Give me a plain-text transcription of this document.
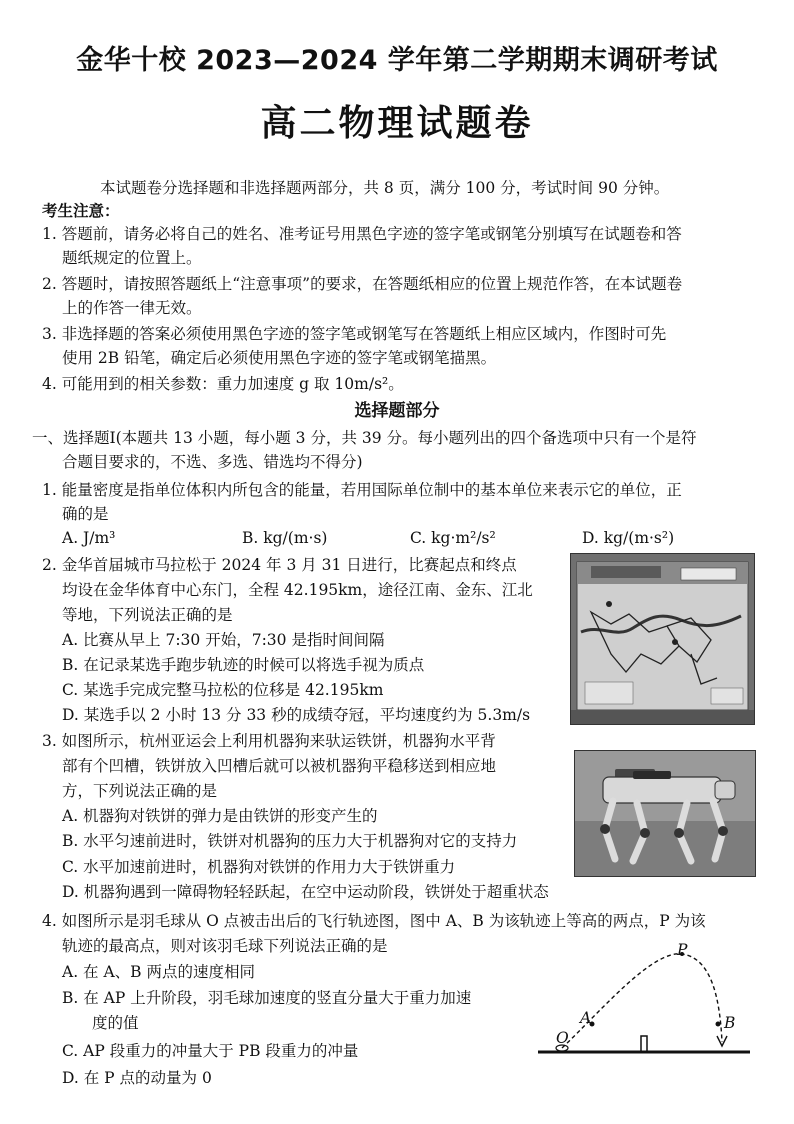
金华十校 2023—2024 学年第二学期期末调研考试
高二物理试题卷
本试题卷分选择题和非选择题两部分，共 8 页，满分 100 分，考试时间 90 分钟。
考生注意：
1. 答题前，请务必将自己的姓名、准考证号用黑色字迹的签字笔或钢笔分别填写在试题卷和答
题纸规定的位置上。
2. 答题时，请按照答题纸上“注意事项”的要求，在答题纸相应的位置上规范作答，在本试题卷
上的作答一律无效。
3. 非选择题的答案必须使用黑色字迹的签字笔或钢笔写在答题纸上相应区域内，作图时可先
使用 2B 铅笔，确定后必须使用黑色字迹的签字笔或钢笔描黑。
4. 可能用到的相关参数：重力加速度 g 取 10m/s²。
选择题部分
一、选择题Ⅰ(本题共 13 小题，每小题 3 分，共 39 分。每小题列出的四个备选项中只有一个是符
合题目要求的，不选、多选、错选均不得分)
1. 能量密度是指单位体积内所包含的能量，若用国际单位制中的基本单位来表示它的单位，正
确的是
A. J/m³	B. kg/(m·s)	C. kg·m²/s²	D. kg/(m·s²)
2. 金华首届城市马拉松于 2024 年 3 月 31 日进行，比赛起点和终点
均设在金华体育中心东门，全程 42.195km，途径江南、金东、江北
等地，下列说法正确的是
A. 比赛从早上 7:30 开始，7:30 是指时间间隔
B. 在记录某选手跑步轨迹的时候可以将选手视为质点
C. 某选手完成完整马拉松的位移是 42.195km
D. 某选手以 2 小时 13 分 33 秒的成绩夺冠，平均速度约为 5.3m/s
3. 如图所示，杭州亚运会上利用机器狗来驮运铁饼，机器狗水平背
部有个凹槽，铁饼放入凹槽后就可以被机器狗平稳移送到相应地
方，下列说法正确的是
A. 机器狗对铁饼的弹力是由铁饼的形变产生的
B. 水平匀速前进时，铁饼对机器狗的压力大于机器狗对它的支持力
C. 水平加速前进时，机器狗对铁饼的作用力大于铁饼重力
D. 机器狗遇到一障碍物轻轻跃起，在空中运动阶段，铁饼处于超重状态
4. 如图所示是羽毛球从 O 点被击出后的飞行轨迹图，图中 A、B 为该轨迹上等高的两点，P 为该
轨迹的最高点，则对该羽毛球下列说法正确的是
A. 在 A、B 两点的速度相同
B. 在 AP 上升阶段，羽毛球加速度的竖直分量大于重力加速
度的值
C. AP 段重力的冲量大于 PB 段重力的冲量
D. 在 P 点的动量为 0
P
A	B
O
